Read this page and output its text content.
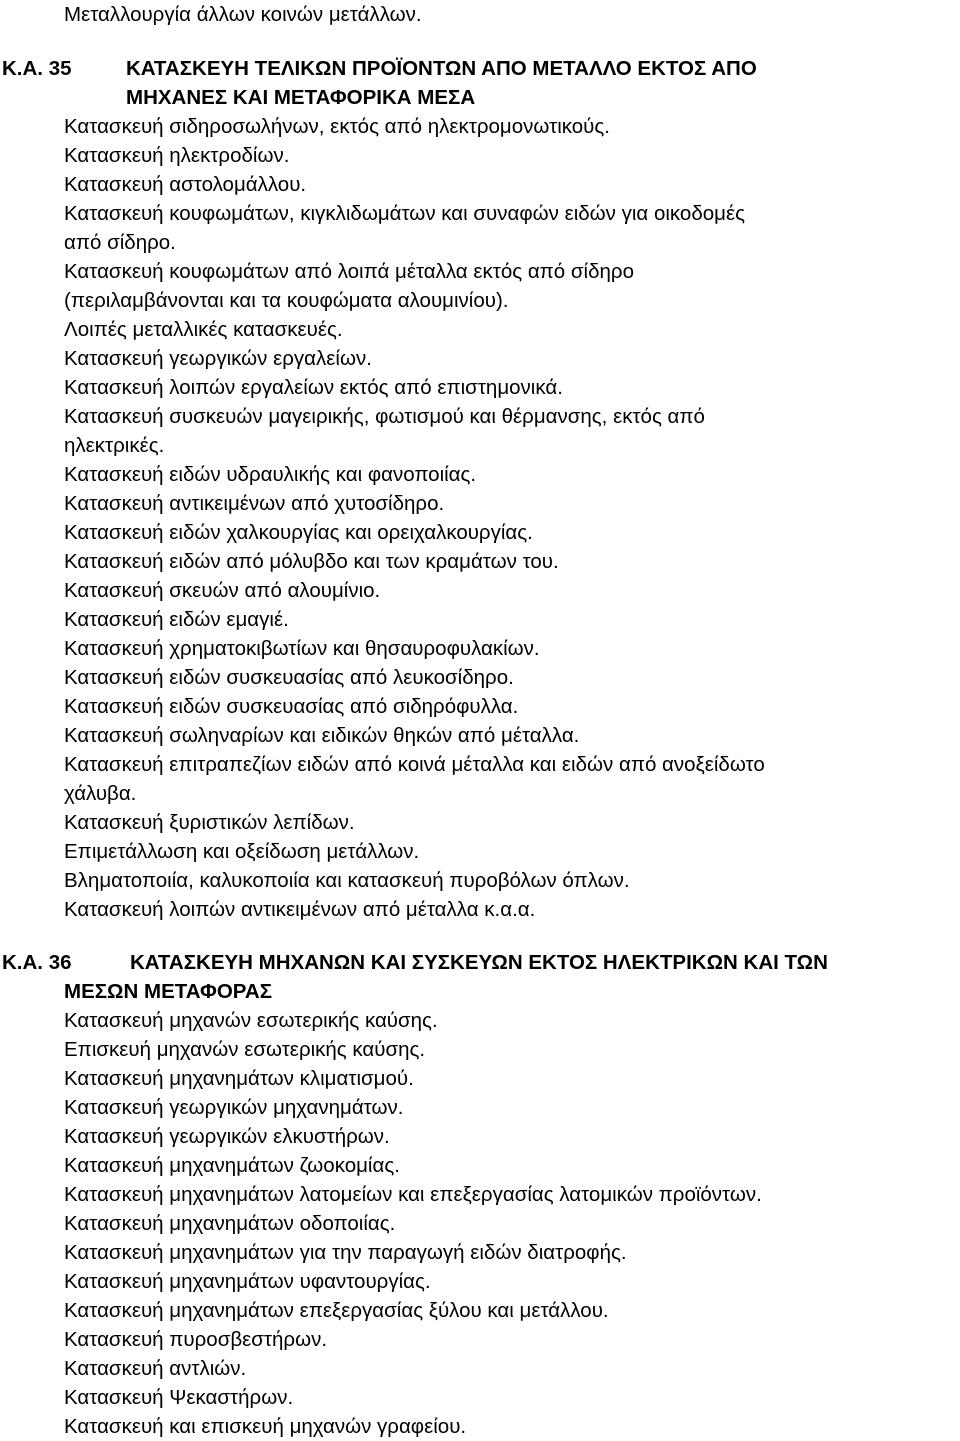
Μεταλλουργία άλλων κοινών μετάλλων.

Κ.Α. 35	ΚΑΤΑΣΚΕΥΗ ΤΕΛΙΚΩΝ ΠΡΟΪΟΝΤΩΝ ΑΠΟ ΜΕΤΑΛΛΟ ΕΚΤΟΣ ΑΠΟ
ΜΗΧΑΝΕΣ ΚΑΙ ΜΕΤΑΦΟΡΙΚΑ ΜΕΣΑ

Κατασκευή σιδηροσωλήνων, εκτός από ηλεκτρομονωτικούς.

Κατασκευή ηλεκτροδίων.

Κατασκευή αστολομάλλου.

Κατασκευή κουφωμάτων, κιγκλιδωμάτων και συναφών ειδών για οικοδομές

από σίδηρο.

Κατασκευή κουφωμάτων από λοιπά μέταλλα εκτός από σίδηρο

(περιλαμβάνονται και τα κουφώματα αλουμινίου).

Λοιπές μεταλλικές κατασκευές.

Κατασκευή γεωργικών εργαλείων.

Κατασκευή λοιπών εργαλείων εκτός από επιστημονικά.

Κατασκευή συσκευών μαγειρικής, φωτισμού και θέρμανσης, εκτός από

ηλεκτρικές.

Κατασκευή ειδών υδραυλικής και φανοποιίας.

Κατασκευή αντικειμένων από χυτοσίδηρο.

Κατασκευή ειδών χαλκουργίας και ορειχαλκουργίας.

Κατασκευή ειδών από μόλυβδο και των κραμάτων του.

Κατασκευή σκευών από αλουμίνιο.

Κατασκευή ειδών εμαγιέ.

Κατασκευή χρηματοκιβωτίων και θησαυροφυλακίων.

Κατασκευή ειδών συσκευασίας από λευκοσίδηρο.

Κατασκευή ειδών συσκευασίας από σιδηρόφυλλα.

Κατασκευή σωληναρίων και ειδικών θηκών από μέταλλα.

Κατασκευή επιτραπεζίων ειδών από κοινά μέταλλα και ειδών από ανοξείδωτο

χάλυβα.

Κατασκευή ξυριστικών λεπίδων.

Επιμετάλλωση και οξείδωση μετάλλων.

Βληματοποιία, καλυκοποιία και κατασκευή πυροβόλων όπλων.

Κατασκευή λοιπών αντικειμένων από μέταλλα κ.α.α.

Κ.Α. 36	ΚΑΤΑΣΚΕΥΗ ΜΗΧΑΝΩΝ ΚΑΙ ΣΥΣΚΕΥΩΝ ΕΚΤΟΣ ΗΛΕΚΤΡΙΚΩΝ ΚΑΙ ΤΩΝ
ΜΕΣΩΝ ΜΕΤΑΦΟΡΑΣ

Κατασκευή μηχανών εσωτερικής καύσης.

Επισκευή μηχανών εσωτερικής καύσης.

Κατασκευή μηχανημάτων κλιματισμού.

Κατασκευή γεωργικών μηχανημάτων.

Κατασκευή γεωργικών ελκυστήρων.

Κατασκευή μηχανημάτων ζωοκομίας.

Κατασκευή μηχανημάτων λατομείων και επεξεργασίας λατομικών προϊόντων.

Κατασκευή μηχανημάτων οδοποιίας.

Κατασκευή μηχανημάτων για την παραγωγή ειδών διατροφής.

Κατασκευή μηχανημάτων υφαντουργίας.

Κατασκευή μηχανημάτων επεξεργασίας ξύλου και μετάλλου.

Κατασκευή πυροσβεστήρων.

Κατασκευή αντλιών.

Κατασκευή Ψεκαστήρων.

Κατασκευή και επισκευή μηχανών γραφείου.
